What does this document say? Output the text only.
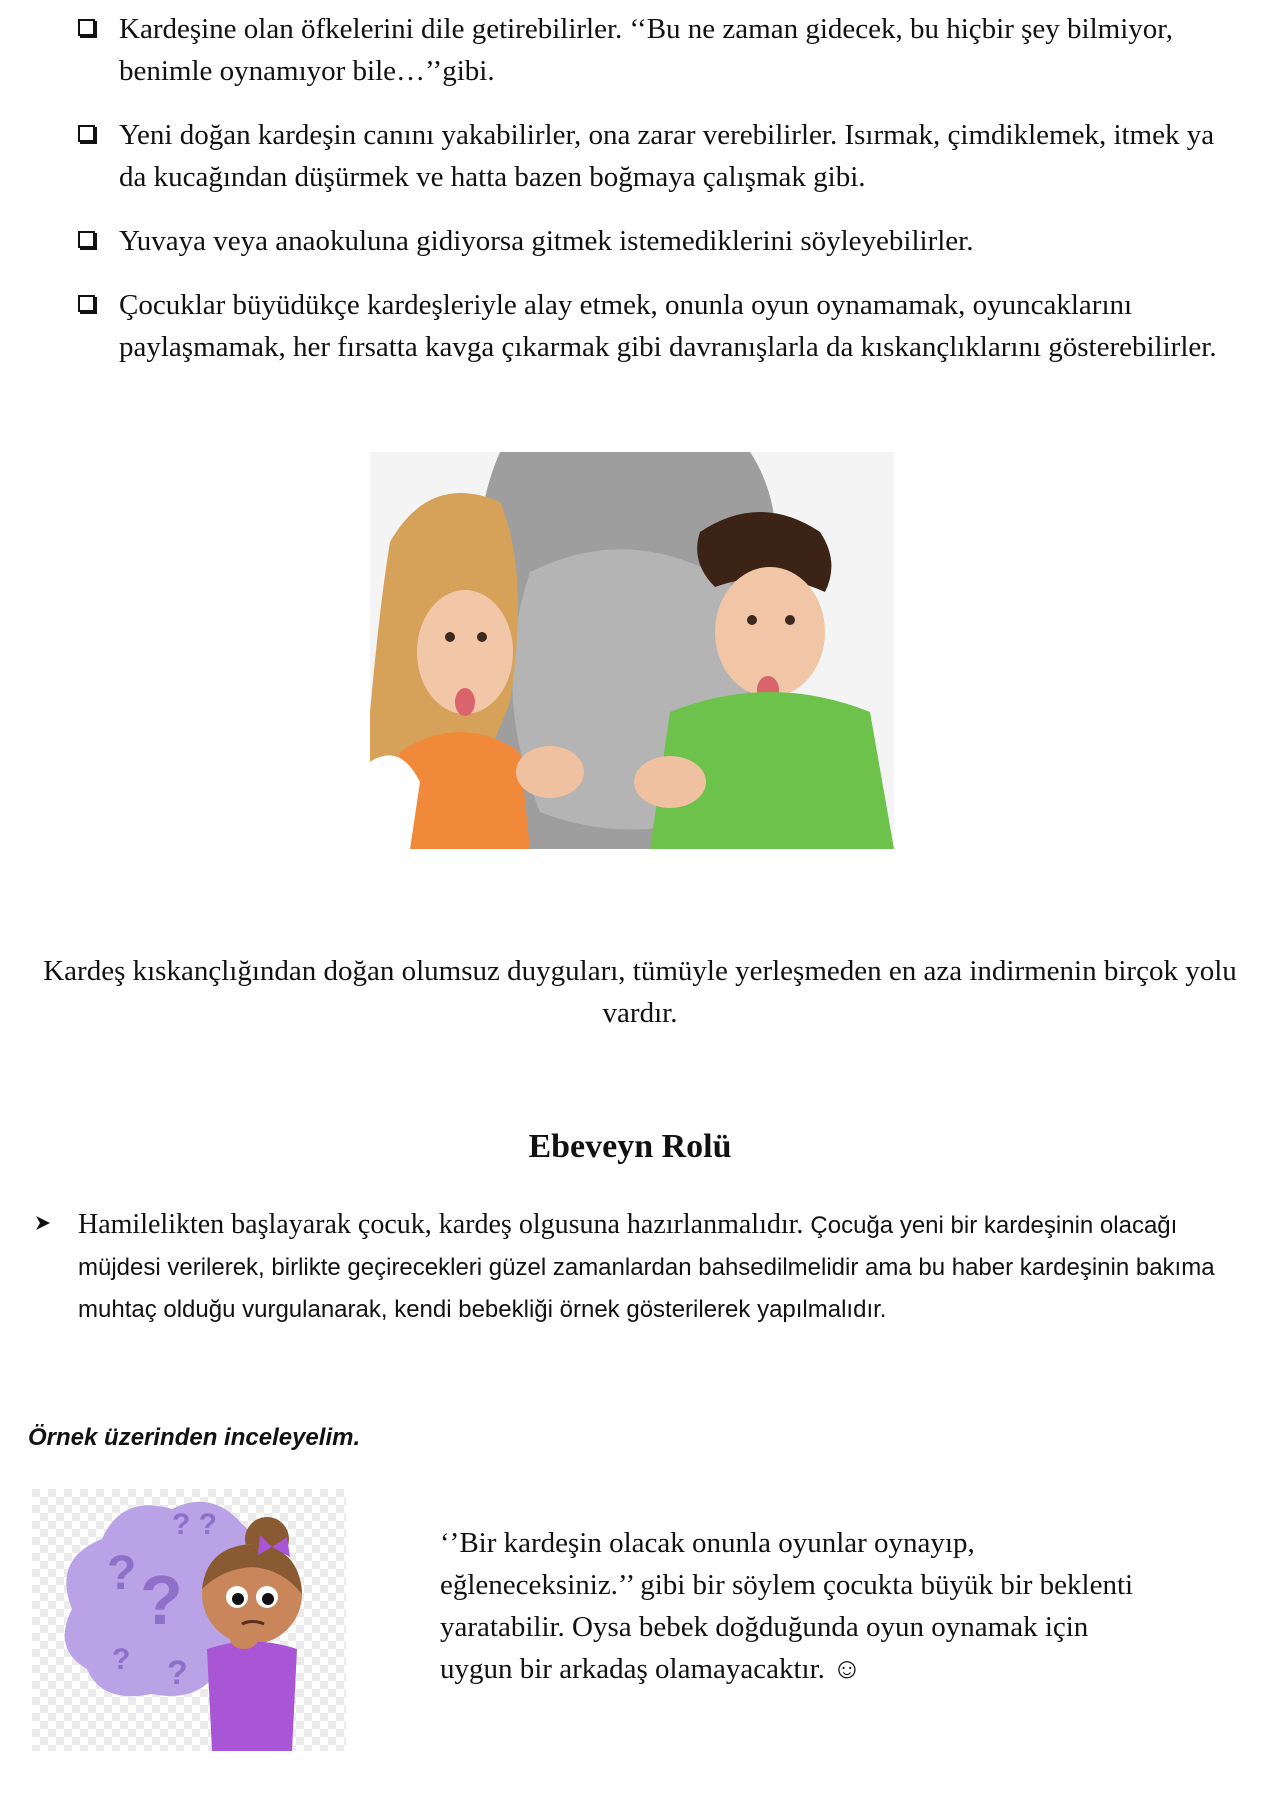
Kardeşine olan öfkelerini dile getirebilirler. ‘‘Bu ne zaman gidecek, bu hiçbir şey bilmiyor, benimle oynamıyor bile…’’gibi.
Yeni doğan kardeşin canını yakabilirler, ona zarar verebilirler. Isırmak, çimdiklemek, itmek ya da kucağından düşürmek ve hatta bazen boğmaya çalışmak gibi.
Yuvaya veya anaokuluna gidiyorsa gitmek istemediklerini söyleyebilirler.
Çocuklar büyüdükçe kardeşleriyle alay etmek, onunla oyun oynamamak, oyuncaklarını paylaşmamak, her fırsatta kavga çıkarmak gibi davranışlarla da kıskançlıklarını gösterebilirler.
Kardeş kıskançlığından doğan olumsuz duyguları, tümüyle yerleşmeden en aza indirmenin birçok yolu vardır.
Ebeveyn Rolü
Hamilelikten başlayarak çocuk, kardeş olgusuna hazırlanmalıdır. Çocuğa yeni bir kardeşinin olacağı müjdesi verilerek, birlikte geçirecekleri güzel zamanlardan bahsedilmelidir ama bu haber kardeşinin bakıma muhtaç olduğu vurgulanarak, kendi bebekliği örnek gösterilerek yapılmalıdır.
Örnek üzerinden inceleyelim.
? ?
? ?
? ?
‘’Bir kardeşin olacak onunla oyunlar oynayıp, eğleneceksiniz.’’ gibi bir söylem çocukta büyük bir beklenti yaratabilir. Oysa bebek doğduğunda oyun oynamak için uygun bir arkadaş olamayacaktır. ☺
